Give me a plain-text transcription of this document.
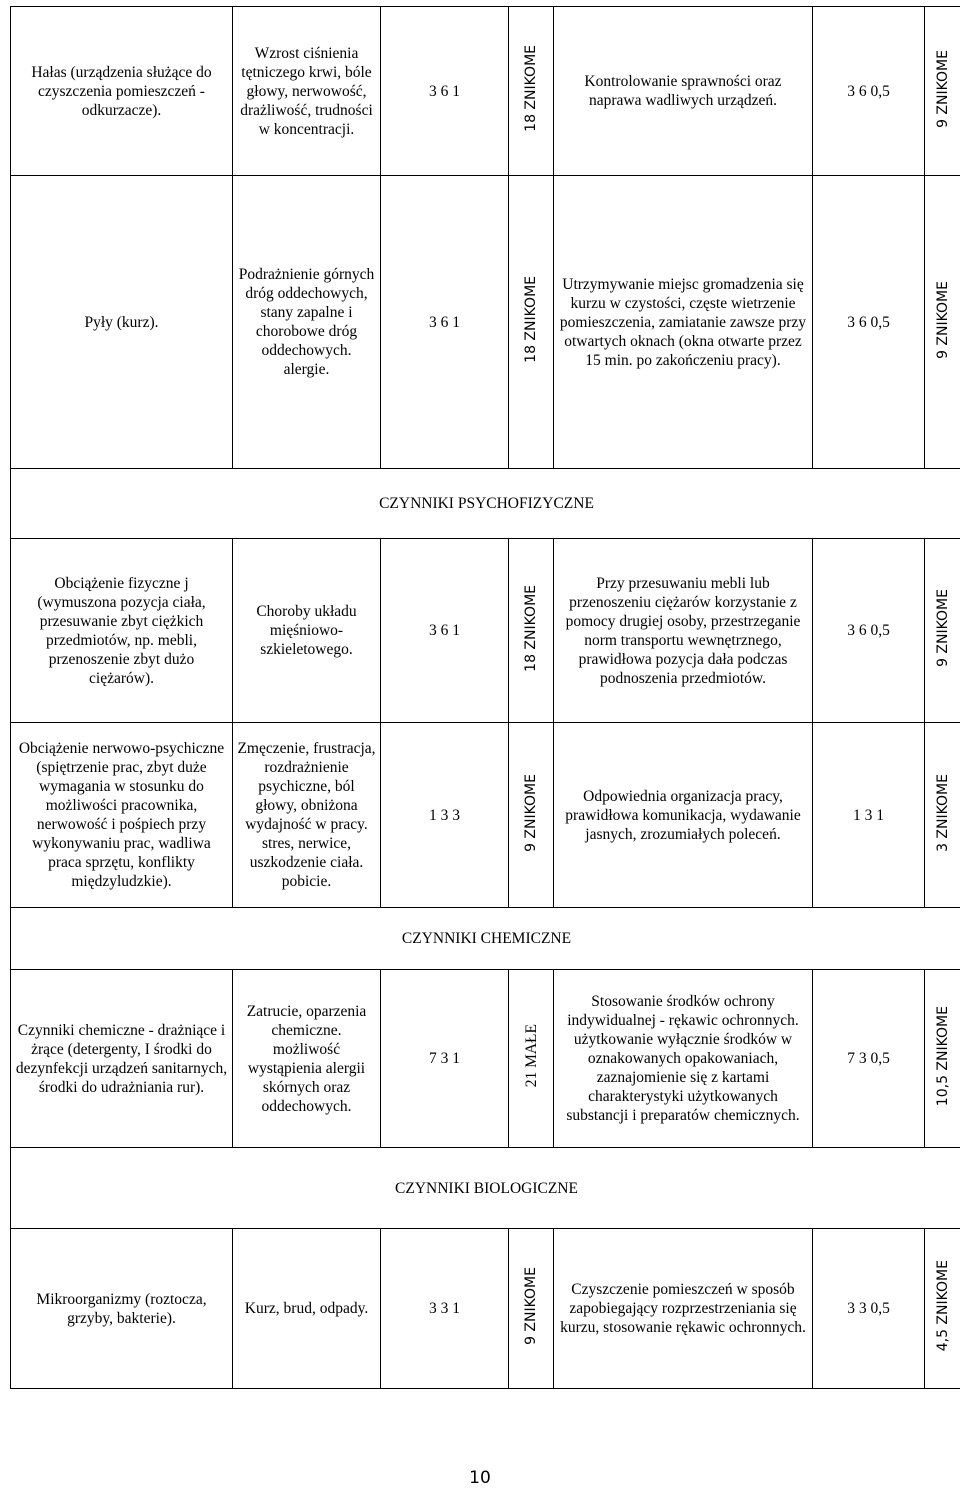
Hałas (urządzenia służące do czyszczenia pomieszczeń - odkurzacze).	Wzrost ciśnienia tętniczego krwi, bóle głowy, nerwowość, drażliwość, trudności w koncentracji.	3 6 1	18 ZNIKOME	Kontrolowanie sprawności oraz naprawa wadliwych urządzeń.	3 6 0,5	9 ZNIKOME
Pyły (kurz).	Podrażnienie górnych dróg oddechowych, stany zapalne i chorobowe dróg oddechowych. alergie.	3 6 1	18 ZNIKOME	Utrzymywanie miejsc gromadzenia się kurzu w czystości, częste wietrzenie pomieszczenia, zamiatanie zawsze przy otwartych oknach (okna otwarte przez 15 min. po zakończeniu pracy).	3 6 0,5	9 ZNIKOME
CZYNNIKI PSYCHOFIZYCZNE						
Obciążenie fizyczne j (wymuszona pozycja ciała, przesuwanie zbyt ciężkich przedmiotów, np. mebli, przenoszenie zbyt dużo ciężarów).	Choroby układu mięśniowo-szkieletowego.	3 6 1	18 ZNIKOME	Przy przesuwaniu mebli lub przenoszeniu ciężarów korzystanie z pomocy drugiej osoby, przestrzeganie norm transportu wewnętrznego, prawidłowa pozycja dała podczas podnoszenia przedmiotów.	3 6 0,5	9 ZNIKOME
Obciążenie nerwowo-psychiczne (spiętrzenie prac, zbyt duże wymagania w stosunku do możliwości pracownika, nerwowość i pośpiech przy wykonywaniu prac, wadliwa praca sprzętu, konflikty międzyludzkie).	Zmęczenie, frustracja, rozdrażnienie psychiczne, ból głowy, obniżona wydajność w pracy. stres, nerwice, uszkodzenie ciała. pobicie.	1 3 3	9 ZNIKOME	Odpowiednia organizacja pracy, prawidłowa komunikacja, wydawanie jasnych, zrozumiałych poleceń.	1 3 1	3 ZNIKOME
CZYNNIKI CHEMICZNE						
Czynniki chemiczne - drażniące i żrące (detergenty, I środki do dezynfekcji urządzeń sanitarnych, środki do udrażniania rur).	Zatrucie, oparzenia chemiczne. możliwość wystąpienia alergii skórnych oraz oddechowych.	7 3 1	21 MAŁE	Stosowanie środków ochrony indywidualnej - rękawic ochronnych. użytkowanie wyłącznie środków w oznakowanych opakowaniach, zaznajomienie się z kartami charakterystyki użytkowanych substancji i preparatów chemicznych.	7 3 0,5	10,5 ZNIKOME
CZYNNIKI BIOLOGICZNE						
Mikroorganizmy (roztocza, grzyby, bakterie).	Kurz, brud, odpady.	3 3 1	9 ZNIKOME	Czyszczenie pomieszczeń w sposób zapobiegający rozprzestrzeniania się kurzu, stosowanie rękawic ochronnych.	3 3 0,5	4,5 ZNIKOME
10
